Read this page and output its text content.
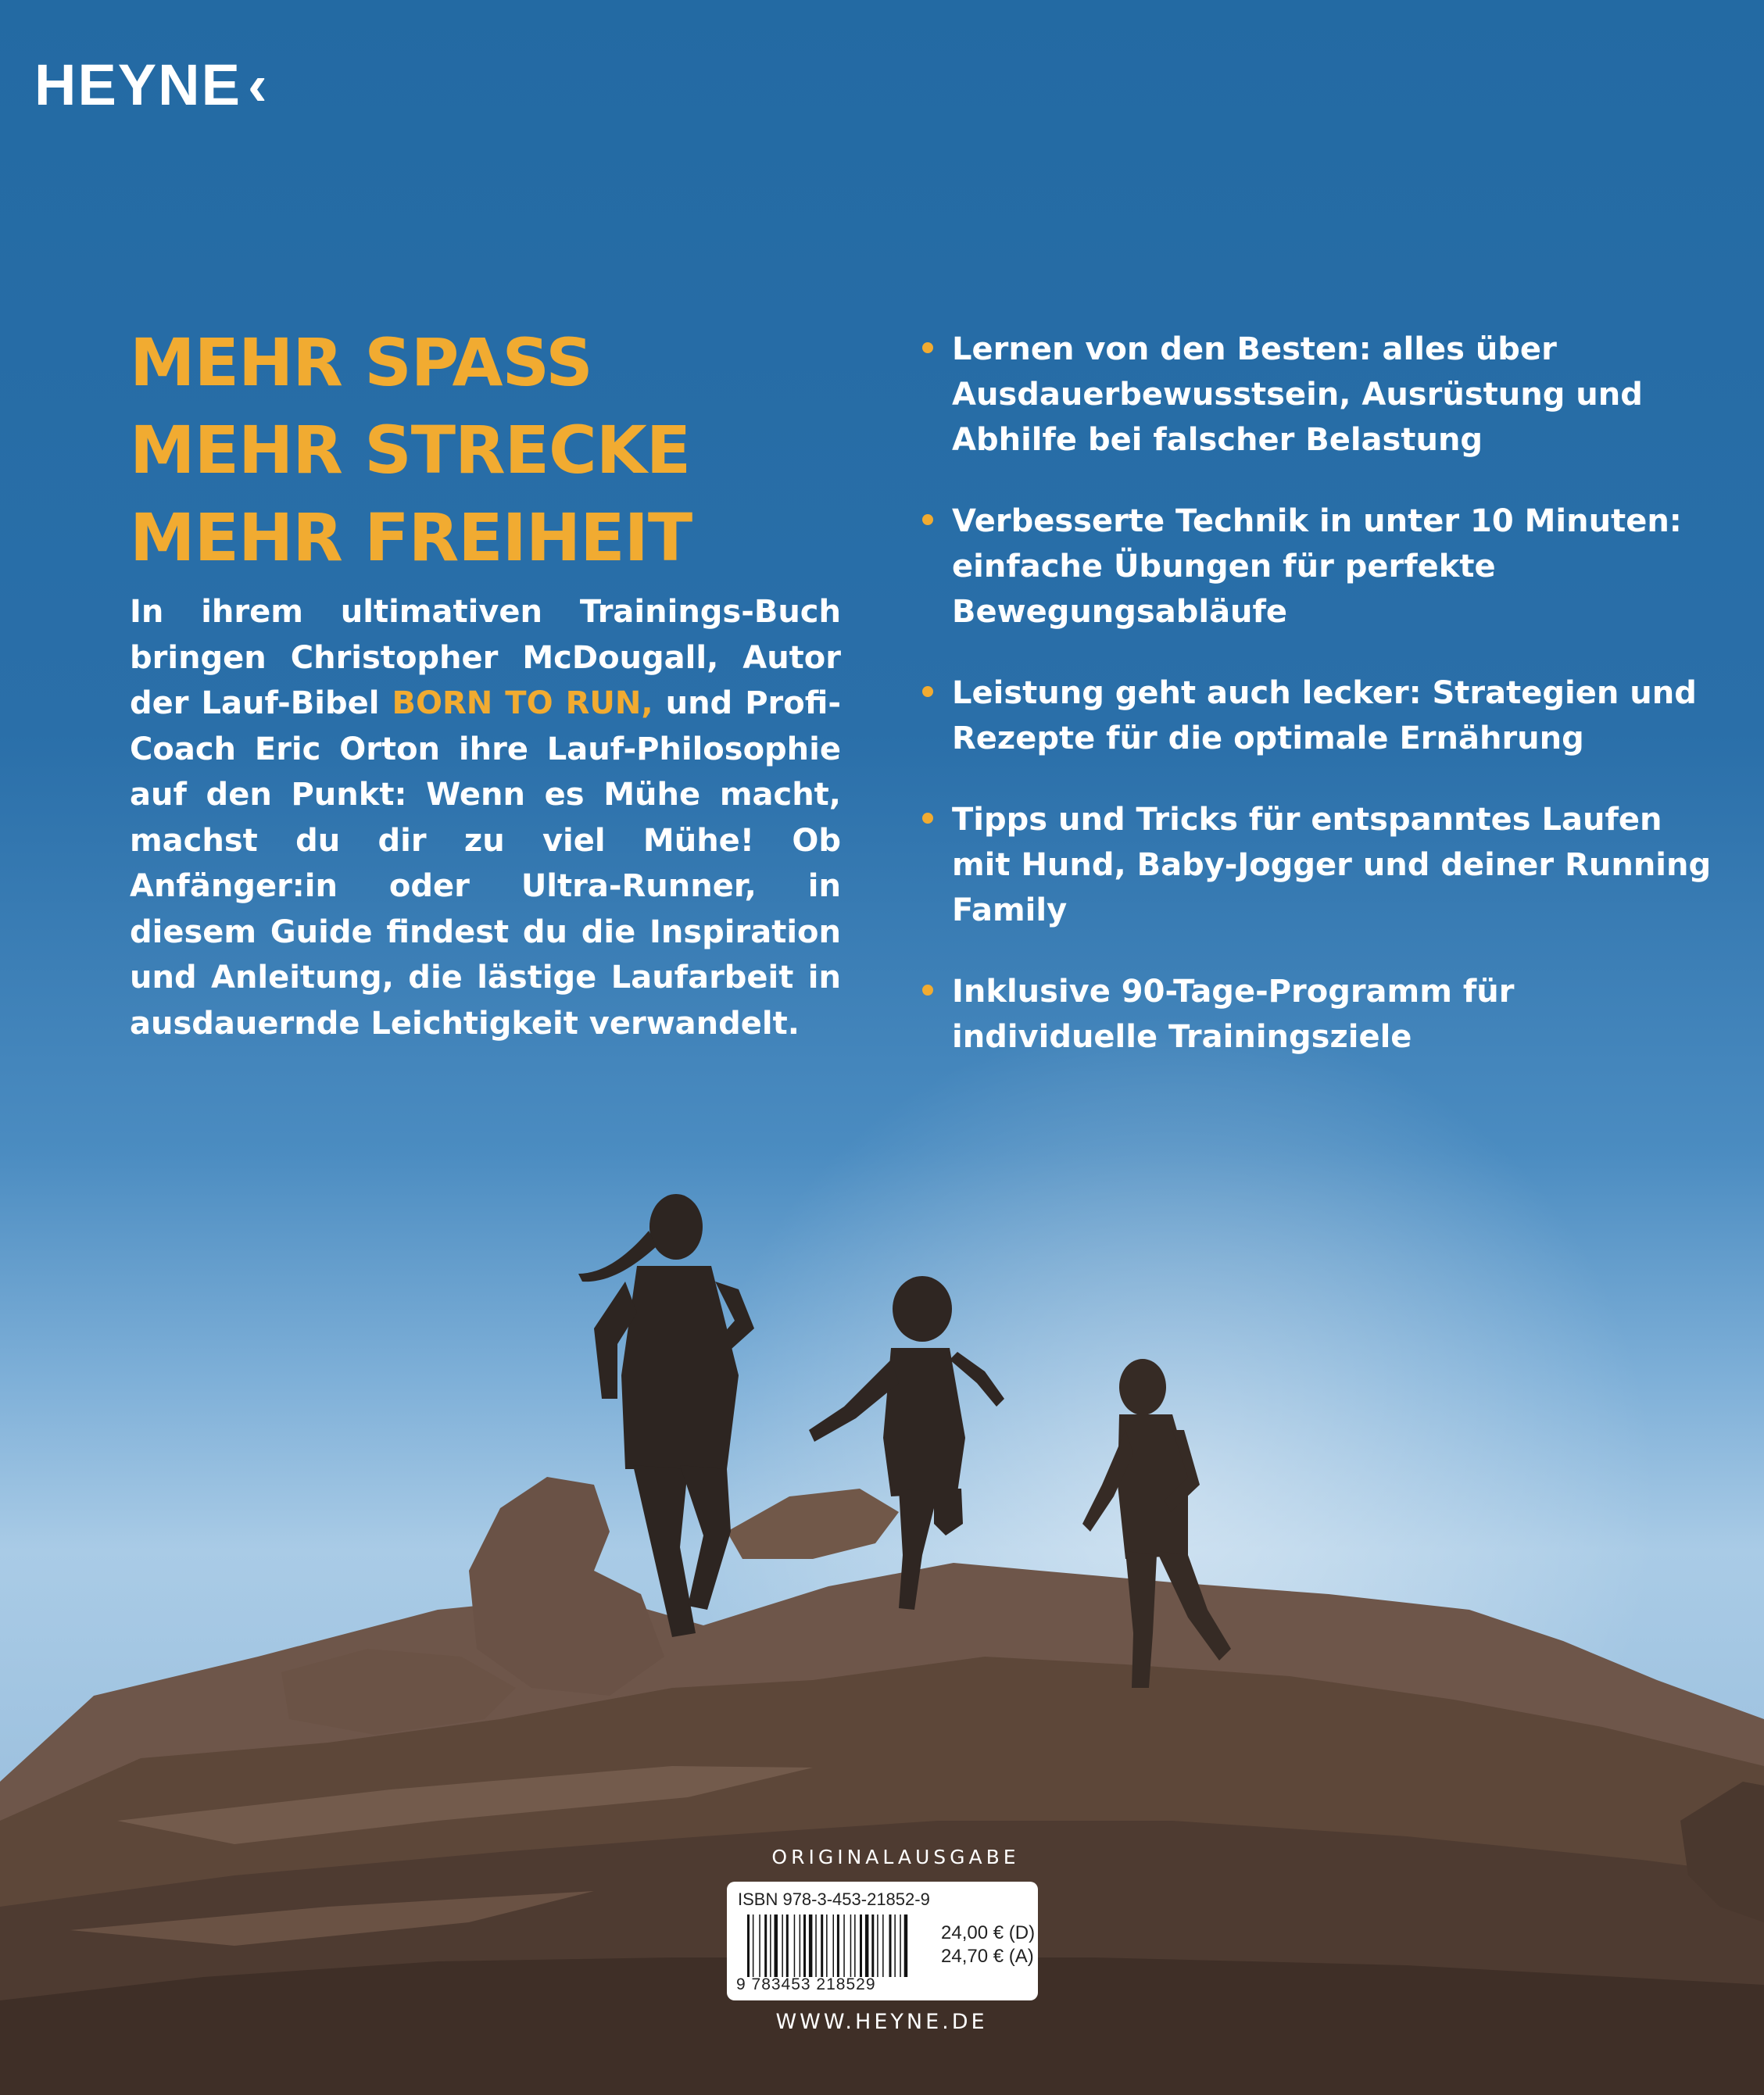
HEYNE ‹
MEHR SPASS
MEHR STRECKE
MEHR FREIHEIT
In ihrem ultimativen Trainings-Buch bringen Christopher McDougall, Autor der Lauf-Bibel BORN TO RUN, und Profi-Coach Eric Orton ihre Lauf-Philosophie auf den Punkt: Wenn es Mühe macht, machst du dir zu viel Mühe! Ob Anfänger:in oder Ultra-Runner, in diesem Guide findest du die Inspiration und Anleitung, die lästige Laufarbeit in ausdauernde Leichtigkeit verwandelt.
Lernen von den Besten: alles über Ausdauerbewusstsein, Ausrüstung und Abhilfe bei falscher Belastung
Verbesserte Technik in unter 10 Minuten: einfache Übungen für perfekte Bewegungsabläufe
Leistung geht auch lecker: Strategien und Rezepte für die optimale Ernährung
Tipps und Tricks für entspanntes Laufen mit Hund, Baby-Jogger und deiner Running Family
Inklusive 90-Tage-Programm für individuelle Trainingsziele
ORIGINALAUSGABE
ISBN 978-3-453-21852-9
9 783453 218529
24,00 € (D)
24,70 € (A)
WWW.HEYNE.DE
